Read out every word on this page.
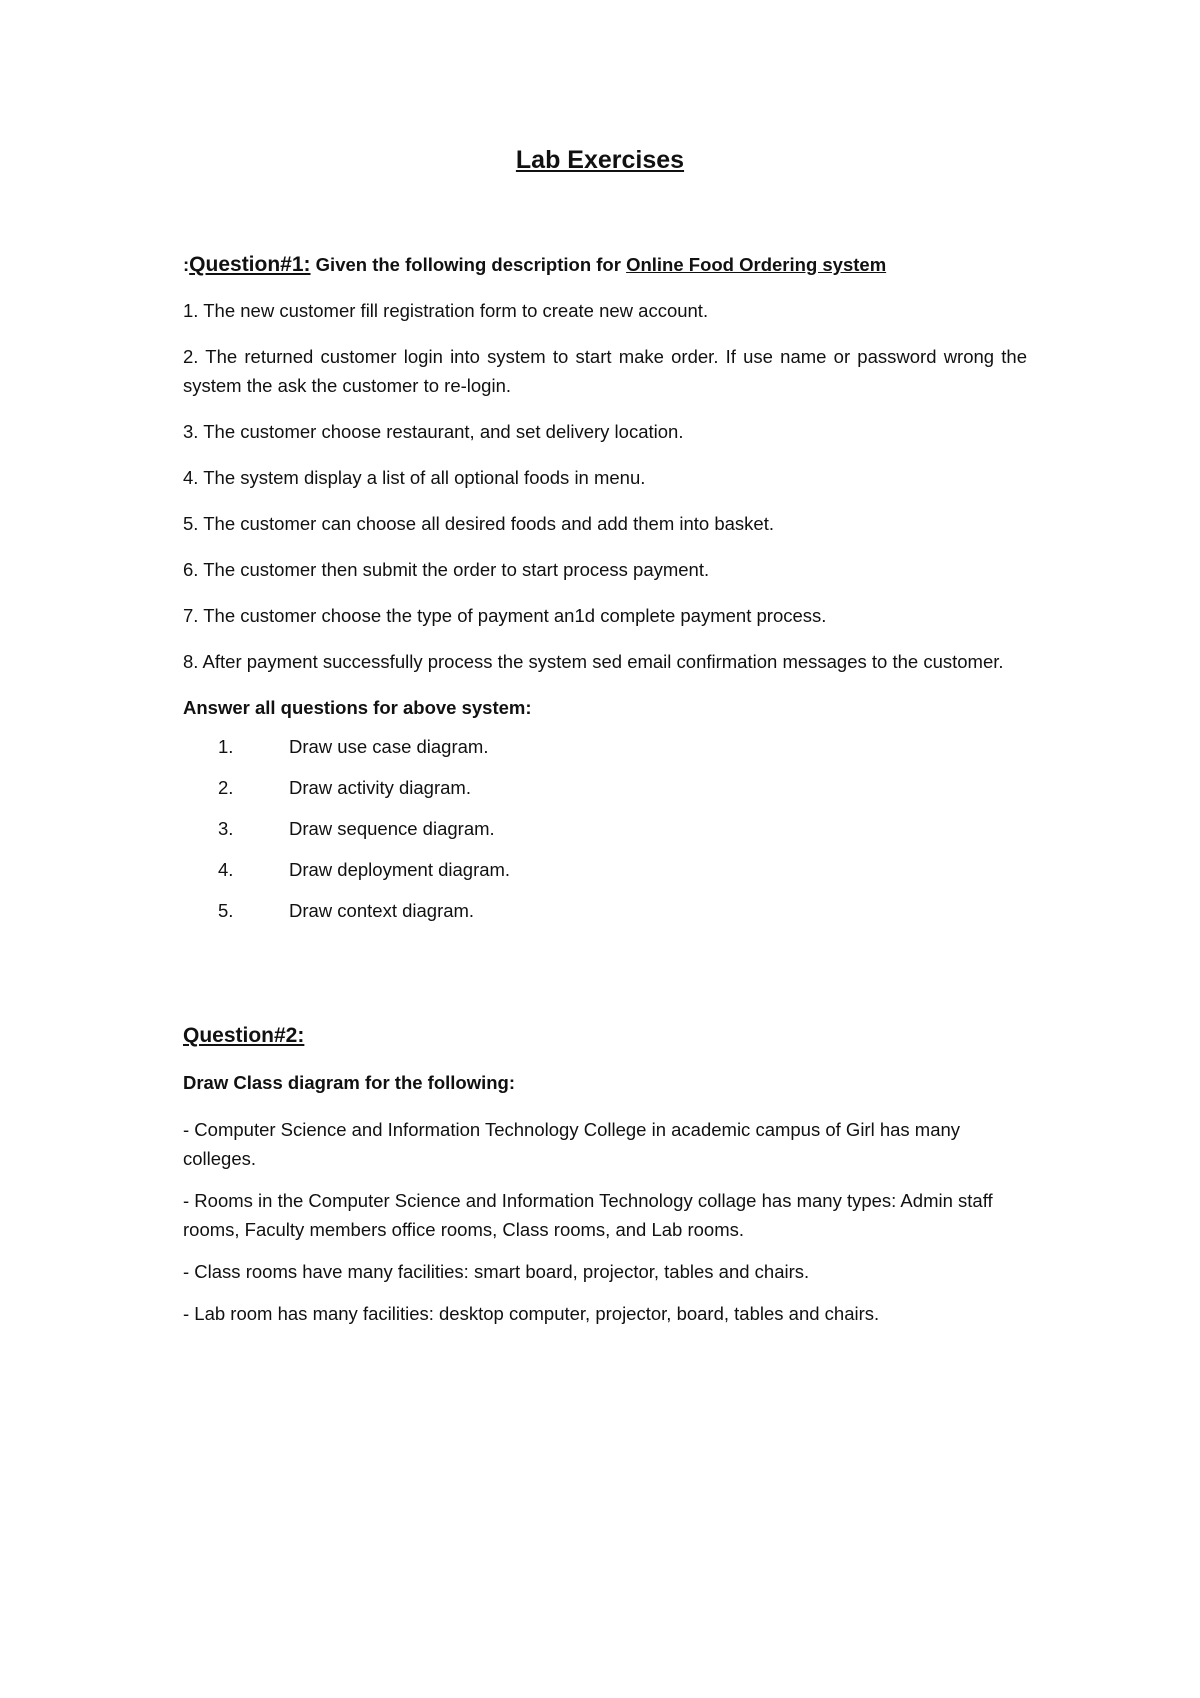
Lab Exercises

:Question#1: Given the following description for Online Food Ordering system

1. The new customer fill registration form to create new account.

2. The returned customer login into system to start make order. If use name or password wrong the system the ask the customer to re-login.

3. The customer choose restaurant, and set delivery location.

4. The system display a list of all optional foods in menu.

5. The customer can choose all desired foods and add them into basket.

6. The customer then submit the order to start process payment.

7. The customer choose the type of payment an1d complete payment process.

8. After payment successfully process the system sed email confirmation messages to the customer.

Answer all questions for above system:

1.	Draw use case diagram.
2.	Draw activity diagram.
3.	Draw sequence diagram.
4.	Draw deployment diagram.
5.	Draw context diagram.

Question#2:

Draw Class diagram for the following:

- Computer Science and Information Technology College in academic campus of Girl has many colleges.

- Rooms in the Computer Science and Information Technology collage has many types: Admin staff rooms, Faculty members office rooms, Class rooms, and Lab rooms.

- Class rooms have many facilities: smart board, projector, tables and chairs.

- Lab room has many facilities: desktop computer, projector, board, tables and chairs.
